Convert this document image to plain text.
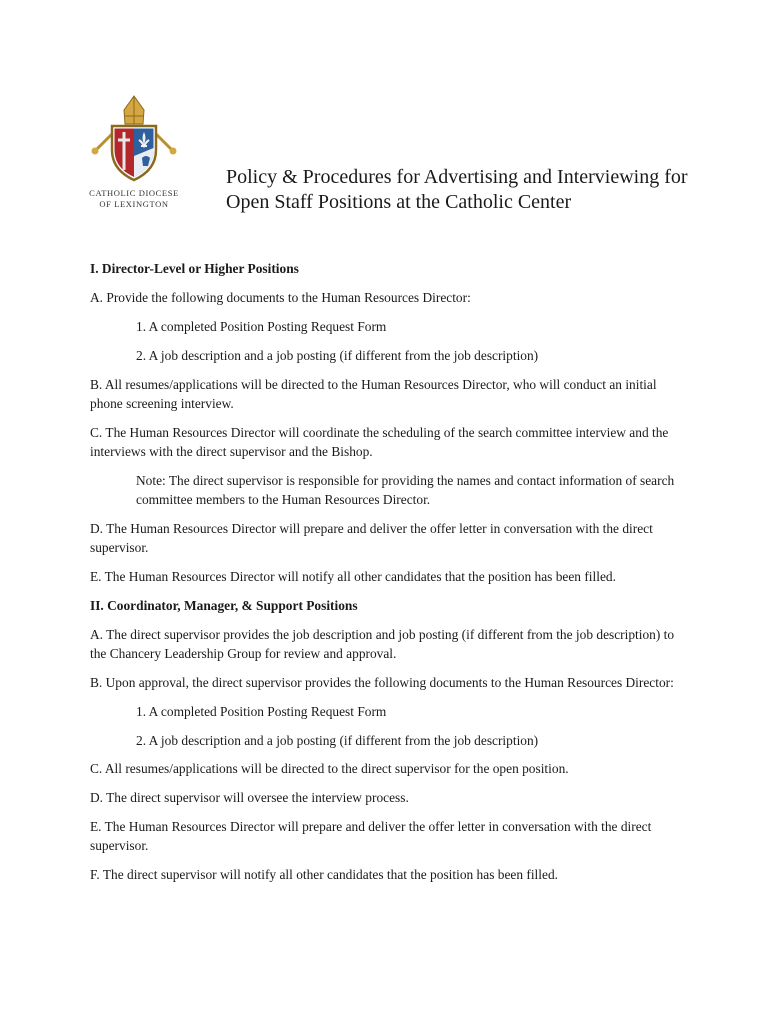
CATHOLIC DIOCESE
OF LEXINGTON
Policy & Procedures for Advertising and Interviewing for
Open Staff Positions at the Catholic Center
I. Director-Level or Higher Positions

A. Provide the following documents to the Human Resources Director:

1. A completed Position Posting Request Form

2. A job description and a job posting (if different from the job description)

B. All resumes/applications will be directed to the Human Resources Director, who will conduct an initial phone screening interview.

C. The Human Resources Director will coordinate the scheduling of the search committee interview and the interviews with the direct supervisor and the Bishop.

Note: The direct supervisor is responsible for providing the names and contact information of search committee members to the Human Resources Director.

D. The Human Resources Director will prepare and deliver the offer letter in conversation with the direct supervisor.

E. The Human Resources Director will notify all other candidates that the position has been filled.

II. Coordinator, Manager, & Support Positions

A. The direct supervisor provides the job description and job posting (if different from the job description) to the Chancery Leadership Group for review and approval.

B. Upon approval, the direct supervisor provides the following documents to the Human Resources Director:

1. A completed Position Posting Request Form

2. A job description and a job posting (if different from the job description)

C. All resumes/applications will be directed to the direct supervisor for the open position.

D. The direct supervisor will oversee the interview process.

E. The Human Resources Director will prepare and deliver the offer letter in conversation with the direct supervisor.

F. The direct supervisor will notify all other candidates that the position has been filled.
